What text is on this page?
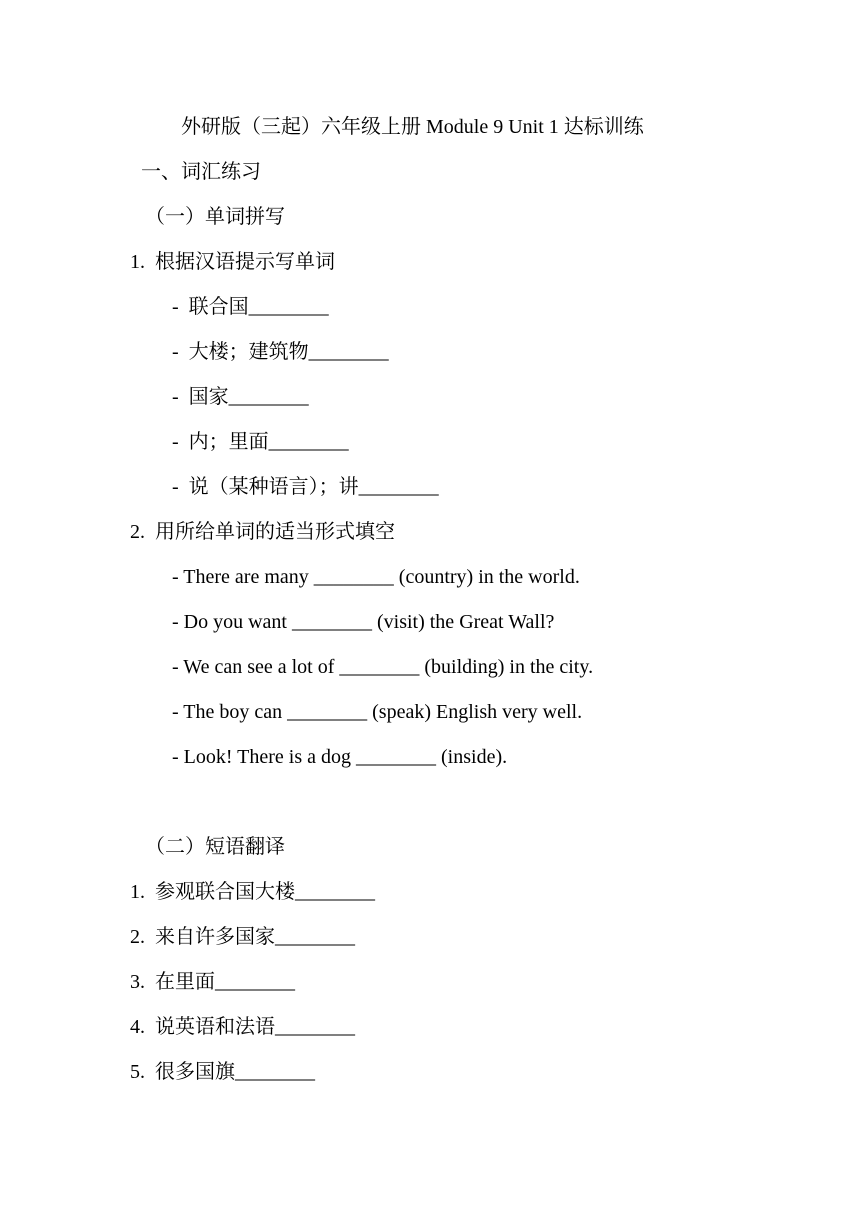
外研版（三起）六年级上册 Module 9 Unit 1 达标训练
一、词汇练习
（一）单词拼写
1.  根据汉语提示写单词
-  联合国________
-  大楼；建筑物________
-  国家________
-  内；里面________
-  说（某种语言）；讲________
2.  用所给单词的适当形式填空
- There are many ________ (country) in the world.
- Do you want ________ (visit) the Great Wall?
- We can see a lot of ________ (building) in the city.
- The boy can ________ (speak) English very well.
- Look! There is a dog ________ (inside).
（二）短语翻译
1.  参观联合国大楼________
2.  来自许多国家________
3.  在里面________
4.  说英语和法语________
5.  很多国旗________
